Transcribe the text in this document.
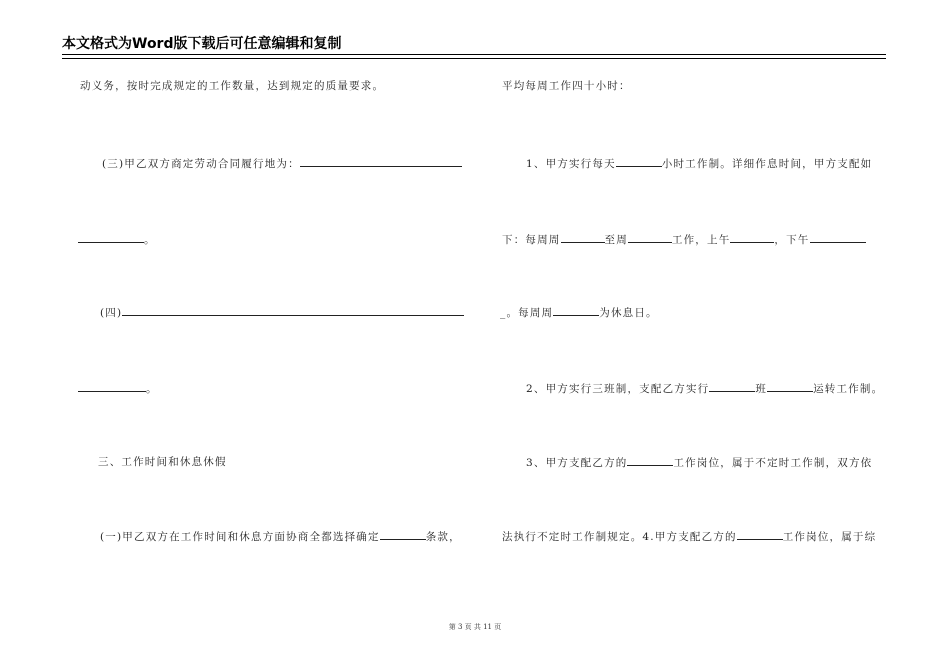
本文格式为Word版下载后可任意编辑和复制
动义务，按时完成规定的工作数量，达到规定的质量要求。
(三)甲乙双方商定劳动合同履行地为：
。
(四)
。
三、工作时间和休息休假
(一)甲乙双方在工作时间和休息方面协商全都选择确定	条款，
平均每周工作四十小时：
1、甲方实行每天	小时工作制。详细作息时间，甲方支配如
下：每周周	至周	工作，上午	，下午
_。每周周	为休息日。
2、甲方实行三班制，支配乙方实行	班	运转工作制。
3、甲方支配乙方的	工作岗位，属于不定时工作制，双方依
法执行不定时工作制规定。4.甲方支配乙方的	工作岗位，属于综
第 3 页 共 11 页
